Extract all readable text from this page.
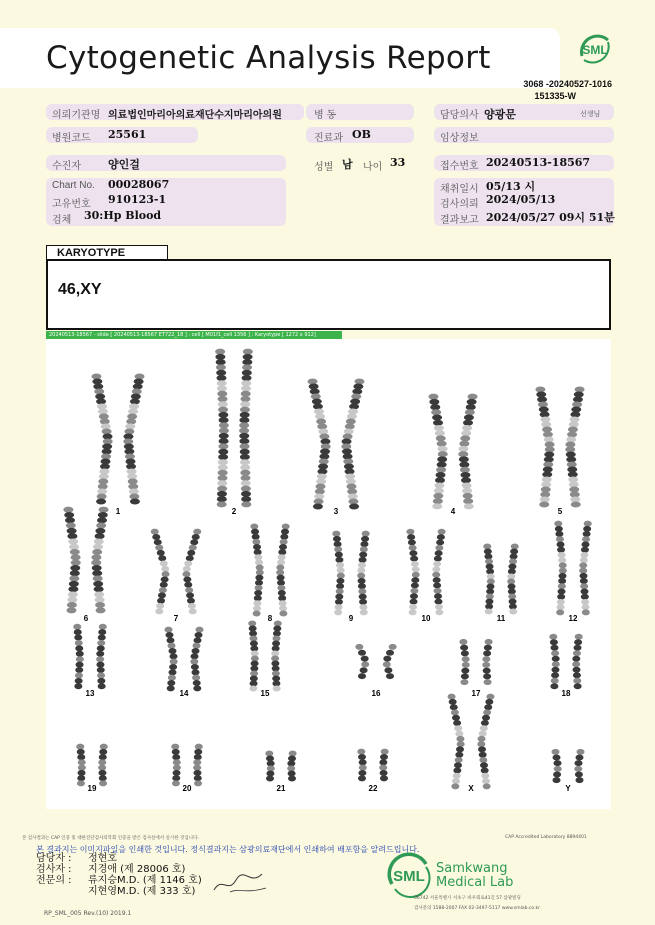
Cytogenetic Analysis Report	SML
3068 -20240527-1016
151335-W
의뢰기관명 의료법인마리아의료재단수지마리아의원	병 동	담당의사 양광문	선생님
병원코드 25561	진료과 OB	임상정보
수진자 양인걸	성별 남 나이 33	접수번호 20240513-18567
Chart No. 00028067
고유번호 910123-1
검체 30:Hp Blood
채취일시 05/13 시
검사의뢰 2024/05/13
결과보고 2024/05/27 09시 51분
KARYOTYPE
46,XY
20240513-18567 - slide [ 20240513-18567 ET722_18 ] : cell [ M01f1_cell 1356 ] : Karyotype [ 1272 x 912]
1	2	3	4	5
6	7	8	9	10	11	12
13	14	15	16	17	18
19	20	21	22	X	Y
본 검사결과는 CAP 인증 및 대한진단검사의학회 인증을 받은 검사실에서 실시한 것입니다.	CAP Accredited Laboratory 8894401
본 결과지는 이미지파일을 인쇄한 것입니다. 정식결과지는 삼광의료재단에서 인쇄하여 배포함을 알려드립니다.
담당자 :	정현호
검사자 :	지경애 (제 28006 호)
전문의 :	류지승M.D. (제 1146 호)
지현영M.D. (제 333 호)
SML Samkwang
Medical Lab
06742 서울특별시 서초구 바우뫼로41길 57 삼광빌딩
검사문의 1588-2007 FAX 02-3497-5117 www.smlab.co.kr
RP_SML_005 Rev.(10) 2019.1
